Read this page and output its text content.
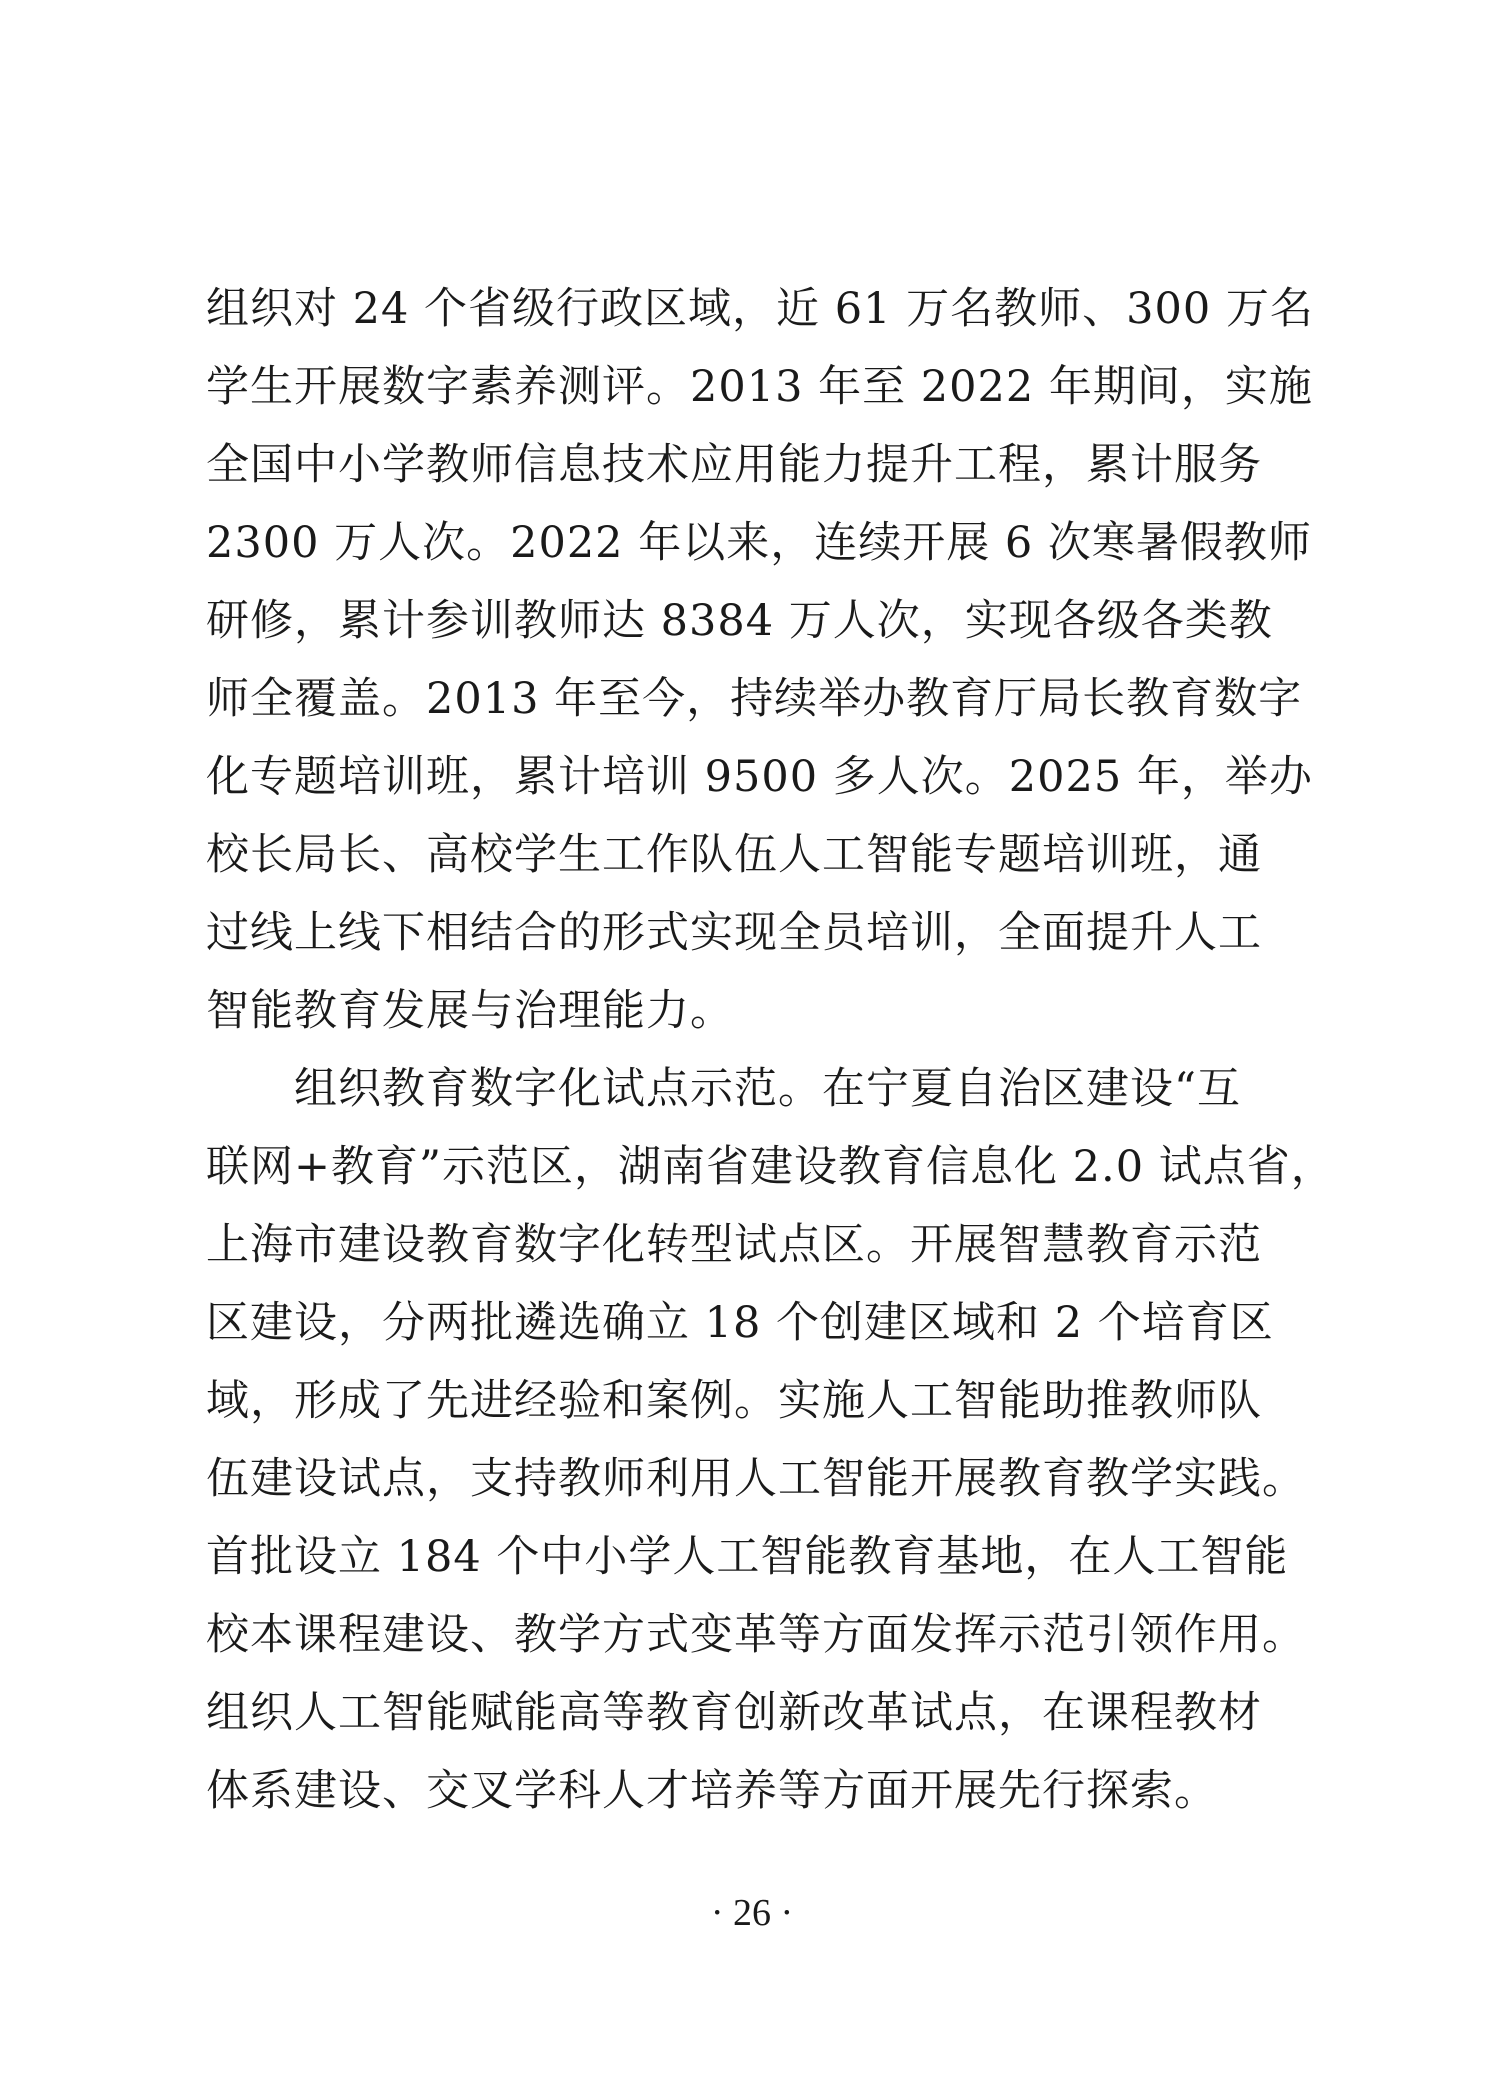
组织对 24 个省级行政区域，近 61 万名教师、300 万名
学生开展数字素养测评。2013 年至 2022 年期间，实施
全国中小学教师信息技术应用能力提升工程，累计服务
2300 万人次。2022 年以来，连续开展 6 次寒暑假教师
研修，累计参训教师达 8384 万人次，实现各级各类教
师全覆盖。2013 年至今，持续举办教育厅局长教育数字
化专题培训班，累计培训 9500 多人次。2025 年，举办
校长局长、高校学生工作队伍人工智能专题培训班，通
过线上线下相结合的形式实现全员培训，全面提升人工
智能教育发展与治理能力。
组织教育数字化试点示范。在宁夏自治区建设“互
联网+教育”示范区，湖南省建设教育信息化 2.0 试点省，
上海市建设教育数字化转型试点区。开展智慧教育示范
区建设，分两批遴选确立 18 个创建区域和 2 个培育区
域，形成了先进经验和案例。实施人工智能助推教师队
伍建设试点，支持教师利用人工智能开展教育教学实践。
首批设立 184 个中小学人工智能教育基地，在人工智能
校本课程建设、教学方式变革等方面发挥示范引领作用。
组织人工智能赋能高等教育创新改革试点，在课程教材
体系建设、交叉学科人才培养等方面开展先行探索。
· 26 ·
